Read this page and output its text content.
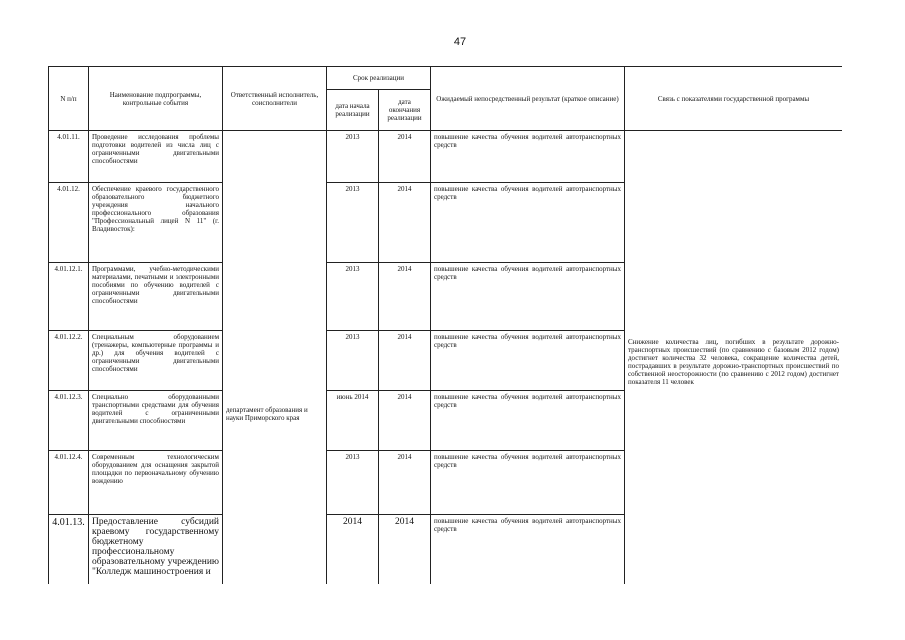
47
N п/п	Наименование подпрограммы, контрольные события	Ответственный исполнитель, соисполнители	Срок реализации		Ожидаемый непосредственный результат (краткое описание)	Связь с показателями государственной программы
			дата начала реализации	дата окончания реализации		
4.01.11.	Проведение исследования проблемы подготовки водителей из числа лиц с ограниченными двигательными способностями	департамент образования и науки Приморского края	2013	2014	повышение качества обучения водителей автотранспортных средств	Снижение количества лиц, погибших в результате дорожно-транспортных происшествий (по сравнению с базовым 2012 годом) достигнет количества 32 человека, сокращение количества детей, пострадавших в результате дорожно-транспортных происшествий по собственной неосторожности (по сравнению с 2012 годом) достигнет показателя 11 человек
4.01.12.	Обеспечение краевого государственного образовательного бюджетного учреждения начального профессионального образования "Профессиональный лицей N 11" (г. Владивосток):		2013	2014	повышение качества обучения водителей автотранспортных средств	
4.01.12.1.	Программами, учебно-методическими материалами, печатными и электронными пособиями по обучению водителей с ограниченными двигательными способностями		2013	2014	повышение качества обучения водителей автотранспортных средств	
4.01.12.2.	Специальным оборудованием (тренажеры, компьютерные программы и др.) для обучения водителей с ограниченными двигательными способностями		2013	2014	повышение качества обучения водителей автотранспортных средств	
4.01.12.3.	Специально оборудованными транспортными средствами для обучения водителей с ограниченными двигательными способностями		июнь 2014	2014	повышение качества обучения водителей автотранспортных средств	
4.01.12.4.	Современным технологическим оборудованием для оснащения закрытой площадки по первоначальному обучению вождению		2013	2014	повышение качества обучения водителей автотранспортных средств	
4.01.13.	Предоставление субсидий краевому государственному бюджетному профессиональному образовательному учреждению "Колледж машиностроения и		2014	2014	повышение качества обучения водителей автотранспортных средств	
